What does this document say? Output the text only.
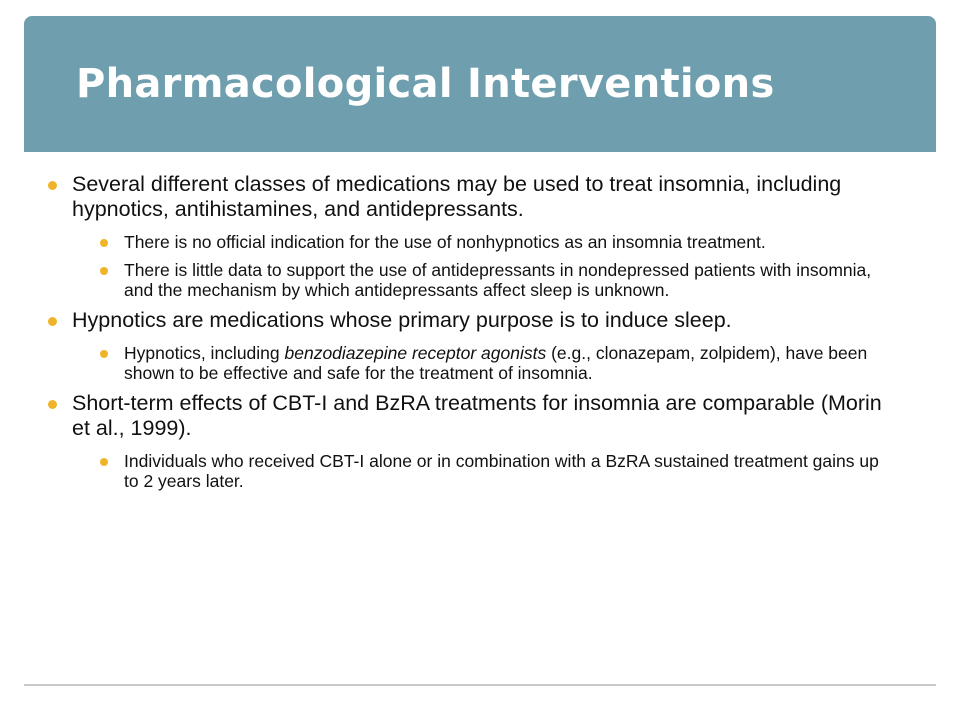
Pharmacological Interventions
Several different classes of medications may be used to treat insomnia, including hypnotics, antihistamines, and antidepressants.
There is no official indication for the use of nonhypnotics as an insomnia treatment.
There is little data to support the use of antidepressants in nondepressed patients with insomnia, and the mechanism by which antidepressants affect sleep is unknown.
Hypnotics are medications whose primary purpose is to induce sleep.
Hypnotics, including benzodiazepine receptor agonists (e.g., clonazepam, zolpidem), have been shown to be effective and safe for the treatment of insomnia.
Short-term effects of CBT-I and BzRA treatments for insomnia are comparable (Morin et al., 1999).
Individuals who received CBT-I alone or in combination with a BzRA sustained treatment gains up to 2 years later.
